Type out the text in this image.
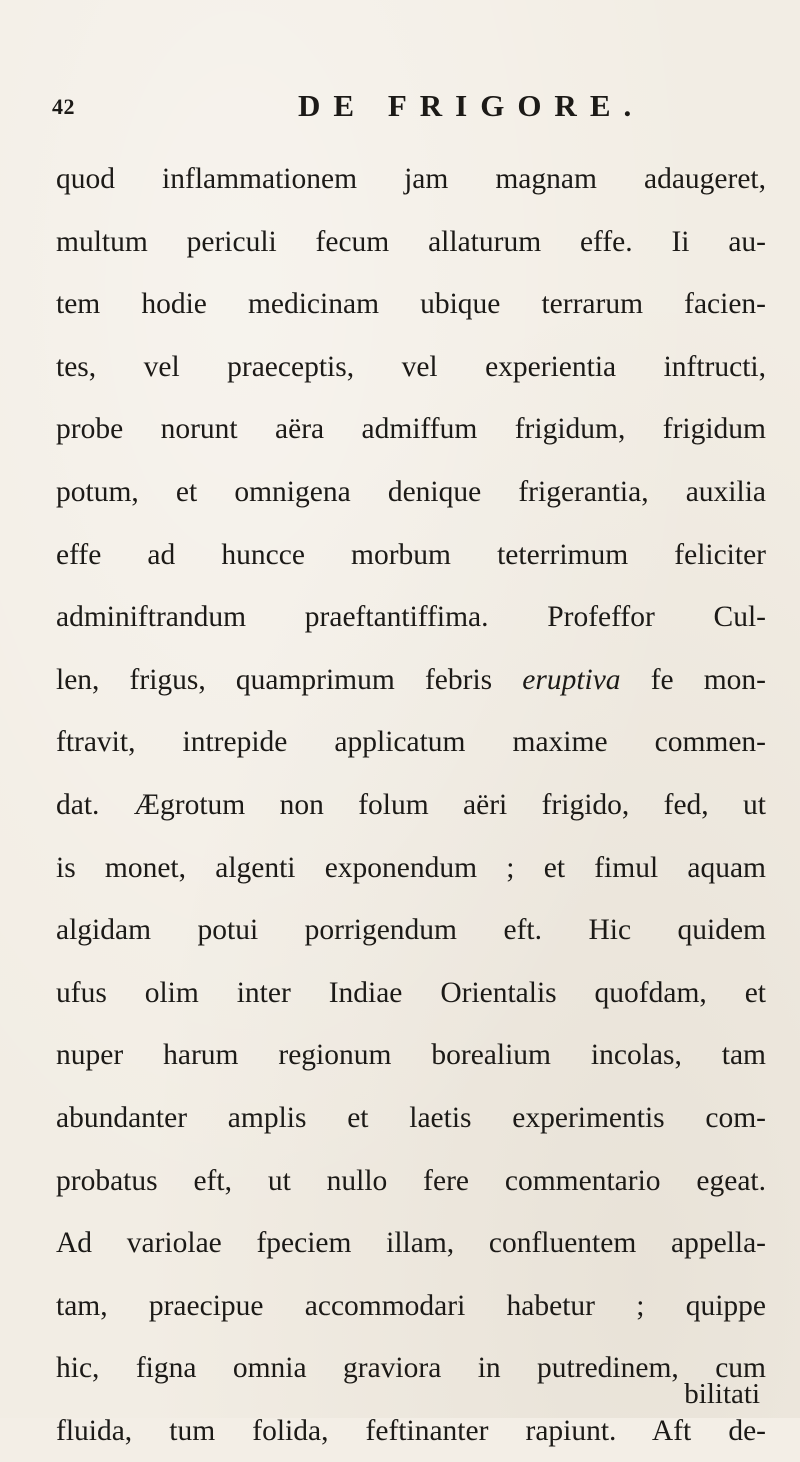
42	DE FRIGORE.
quod inflammationem jam magnam adaugeret,
multum periculi fecum allaturum effe. Ii au-
tem hodie medicinam ubique terrarum facien-
tes, vel praeceptis, vel experientia inftructi,
probe norunt aëra admiffum frigidum, frigidum
potum, et omnigena denique frigerantia, auxilia
effe ad huncce morbum teterrimum feliciter
adminiftrandum praeftantiffima. Profeffor Cul-
len, frigus, quamprimum febris eruptiva fe mon-
ftravit, intrepide applicatum maxime commen-
dat. Ægrotum non folum aëri frigido, fed, ut
is monet, algenti exponendum ; et fimul aquam
algidam potui porrigendum eft. Hic quidem
ufus olim inter Indiae Orientalis quofdam, et
nuper harum regionum borealium incolas, tam
abundanter amplis et laetis experimentis com-
probatus eft, ut nullo fere commentario egeat.
Ad variolae fpeciem illam, confluentem appella-
tam, praecipue accommodari habetur ; quippe
hic, figna omnia graviora in putredinem, cum
fluida, tum folida, feftinanter rapiunt. Aft de-
bilitati
